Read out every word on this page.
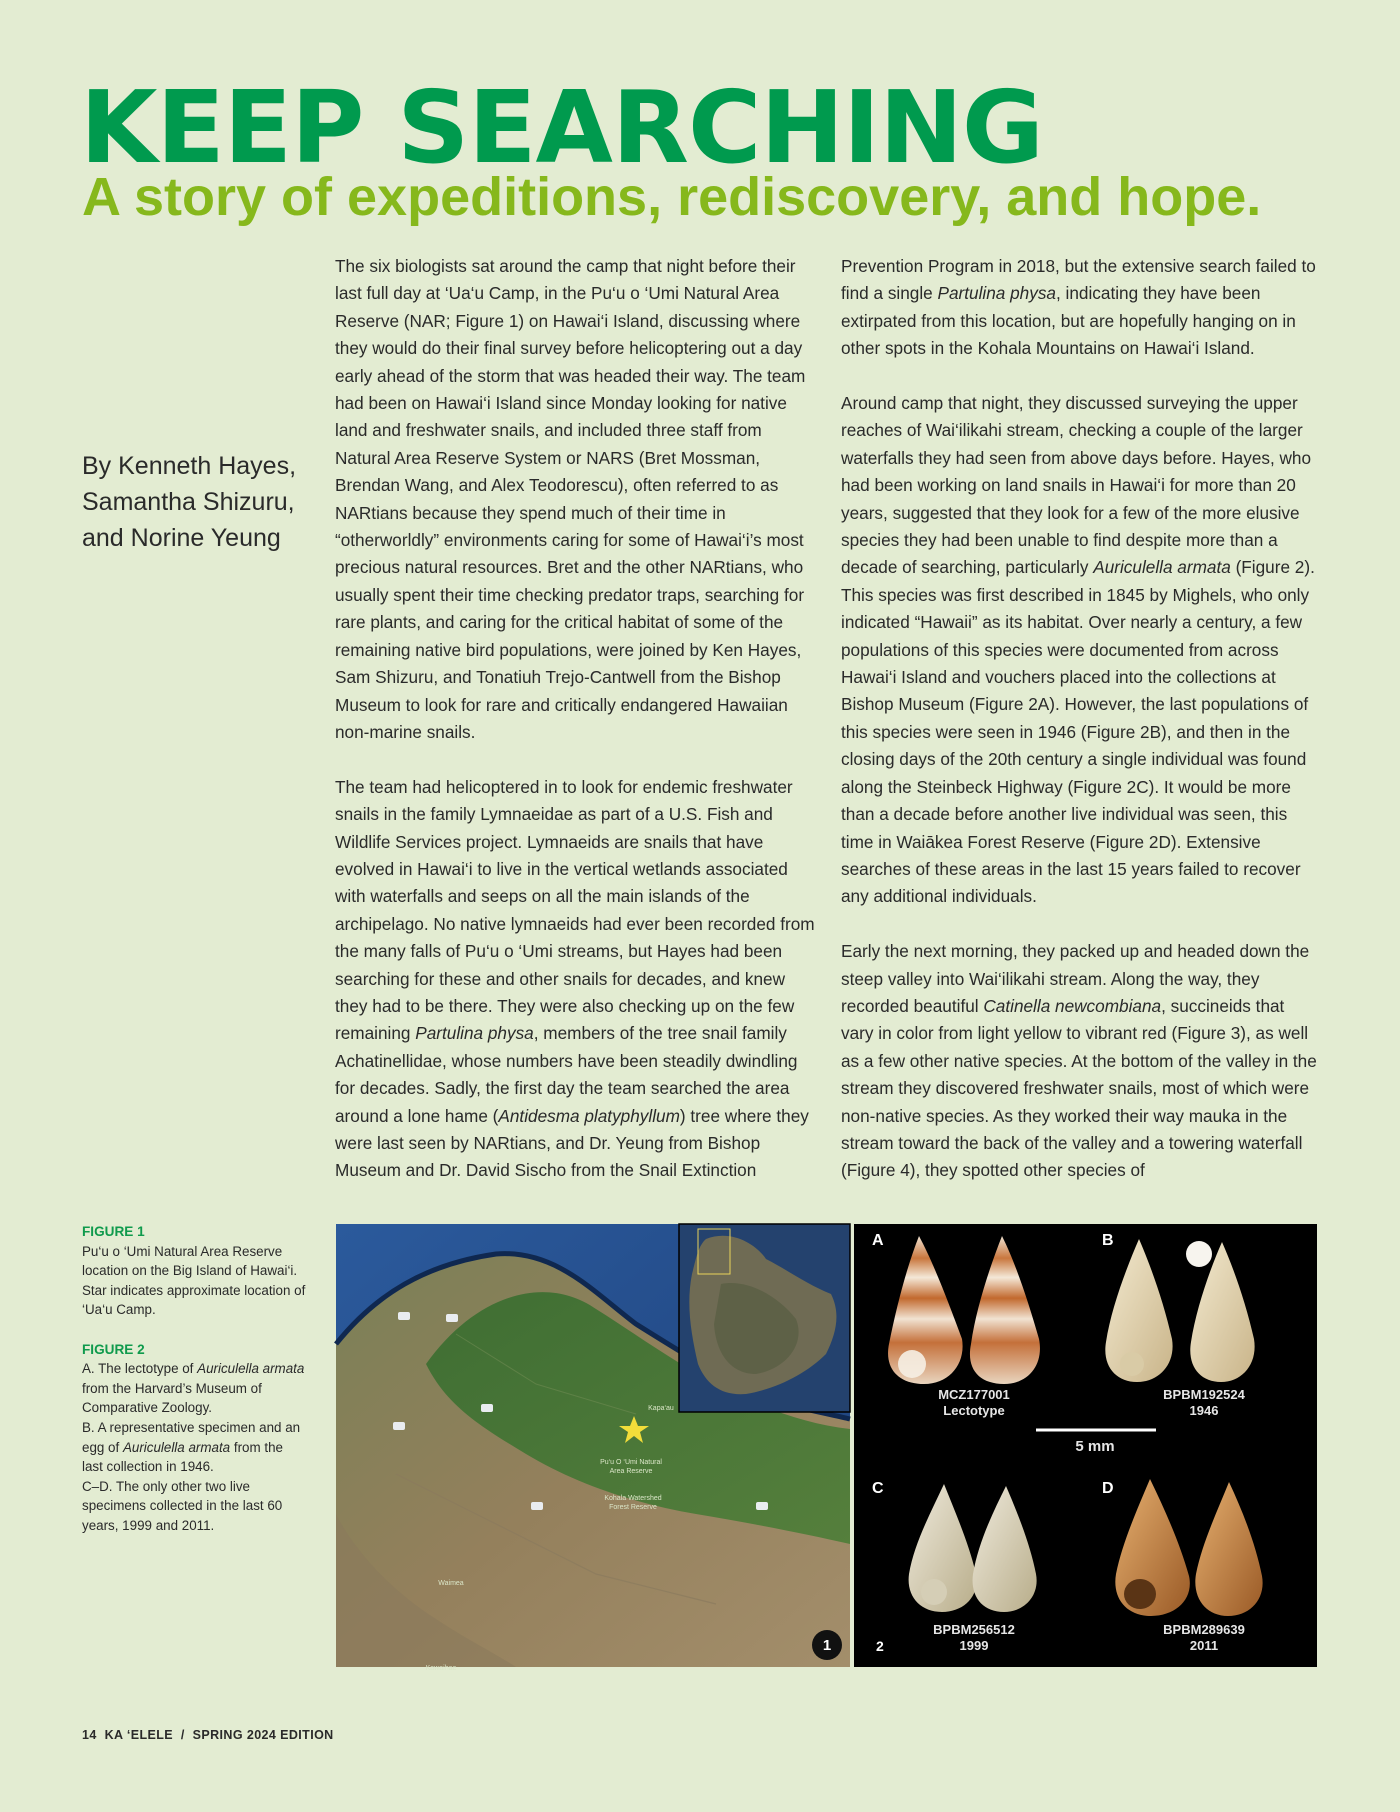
KEEP SEARCHING
A story of expeditions, rediscovery, and hope.
By Kenneth Hayes,
Samantha Shizuru,
and Norine Yeung

The six biologists sat around the camp that night before their last full day at ‘Ua‘u Camp, in the Pu‘u o ‘Umi Natural Area Reserve (NAR; Figure 1) on Hawai‘i Island, discussing where they would do their final survey before helicoptering out a day early ahead of the storm that was headed their way. The team had been on Hawai‘i Island since Monday looking for native land and freshwater snails, and included three staff from Natural Area Reserve System or NARS (Bret Mossman, Brendan Wang, and Alex Teodorescu), often referred to as NARtians because they spend much of their time in “otherworldly” environments caring for some of Hawai‘i’s most precious natural resources. Bret and the other NARtians, who usually spent their time checking predator traps, searching for rare plants, and caring for the critical habitat of some of the remaining native bird populations, were joined by Ken Hayes, Sam Shizuru, and Tonatiuh Trejo-Cantwell from the Bishop Museum to look for rare and critically endangered Hawaiian non-marine snails.

The team had helicoptered in to look for endemic freshwater snails in the family Lymnaeidae as part of a U.S. Fish and Wildlife Services project. Lymnaeids are snails that have evolved in Hawai‘i to live in the vertical wetlands associated with waterfalls and seeps on all the main islands of the archipelago. No native lymnaeids had ever been recorded from the many falls of Pu‘u o ‘Umi streams, but Hayes had been searching for these and other snails for decades, and knew they had to be there. They were also checking up on the few remaining Partulina physa, members of the tree snail family Achatinellidae, whose numbers have been steadily dwindling for decades. Sadly, the first day the team searched the area around a lone hame (Antidesma platyphyllum) tree where they were last seen by NARtians, and Dr. Yeung from Bishop Museum and Dr. David Sischo from the Snail Extinction

Prevention Program in 2018, but the extensive search failed to find a single Partulina physa, indicating they have been extirpated from this location, but are hopefully hanging on in other spots in the Kohala Mountains on Hawai‘i Island.

Around camp that night, they discussed surveying the upper reaches of Wai‘ilikahi stream, checking a couple of the larger waterfalls they had seen from above days before. Hayes, who had been working on land snails in Hawai‘i for more than 20 years, suggested that they look for a few of the more elusive species they had been unable to find despite more than a decade of searching, particularly Auriculella armata (Figure 2). This species was first described in 1845 by Mighels, who only indicated “Hawaii” as its habitat. Over nearly a century, a few populations of this species were documented from across Hawai‘i Island and vouchers placed into the collections at Bishop Museum (Figure 2A). However, the last populations of this species were seen in 1946 (Figure 2B), and then in the closing days of the 20th century a single individual was found along the Steinbeck Highway (Figure 2C). It would be more than a decade before another live individual was seen, this time in Waiākea Forest Reserve (Figure 2D). Extensive searches of these areas in the last 15 years failed to recover any additional individuals.

Early the next morning, they packed up and headed down the steep valley into Wai‘ilikahi stream. Along the way, they recorded beautiful Catinella newcombiana, succineids that vary in color from light yellow to vibrant red (Figure 3), as well as a few other native species. At the bottom of the valley in the stream they discovered freshwater snails, most of which were non-native species. As they worked their way mauka in the stream toward the back of the valley and a towering waterfall (Figure 4), they spotted other species of

FIGURE 1
Pu‘u o ‘Umi Natural Area Reserve location on the Big Island of Hawai‘i. Star indicates approximate location of ‘Ua‘u Camp.
FIGURE 2
A. The lectotype of Auriculella armata from the Harvard’s Museum of Comparative Zoology.
B. A representative specimen and an egg of Auriculella armata from the last collection in 1946.
C–D. The only other two live specimens collected in the last 60 years, 1999 and 2011.
Pu‘u O ‘Umi Natural Area Reserve
Kohala Watershed Forest Reserve
Kapa‘au
Waimea
Kawaihae
1
A	B
C	D
MCZ177001
Lectotype
BPBM192524
1946
5 mm
BPBM256512
1999
BPBM289639
2011
2
14 KA ‘ELELE / SPRING 2024 EDITION
